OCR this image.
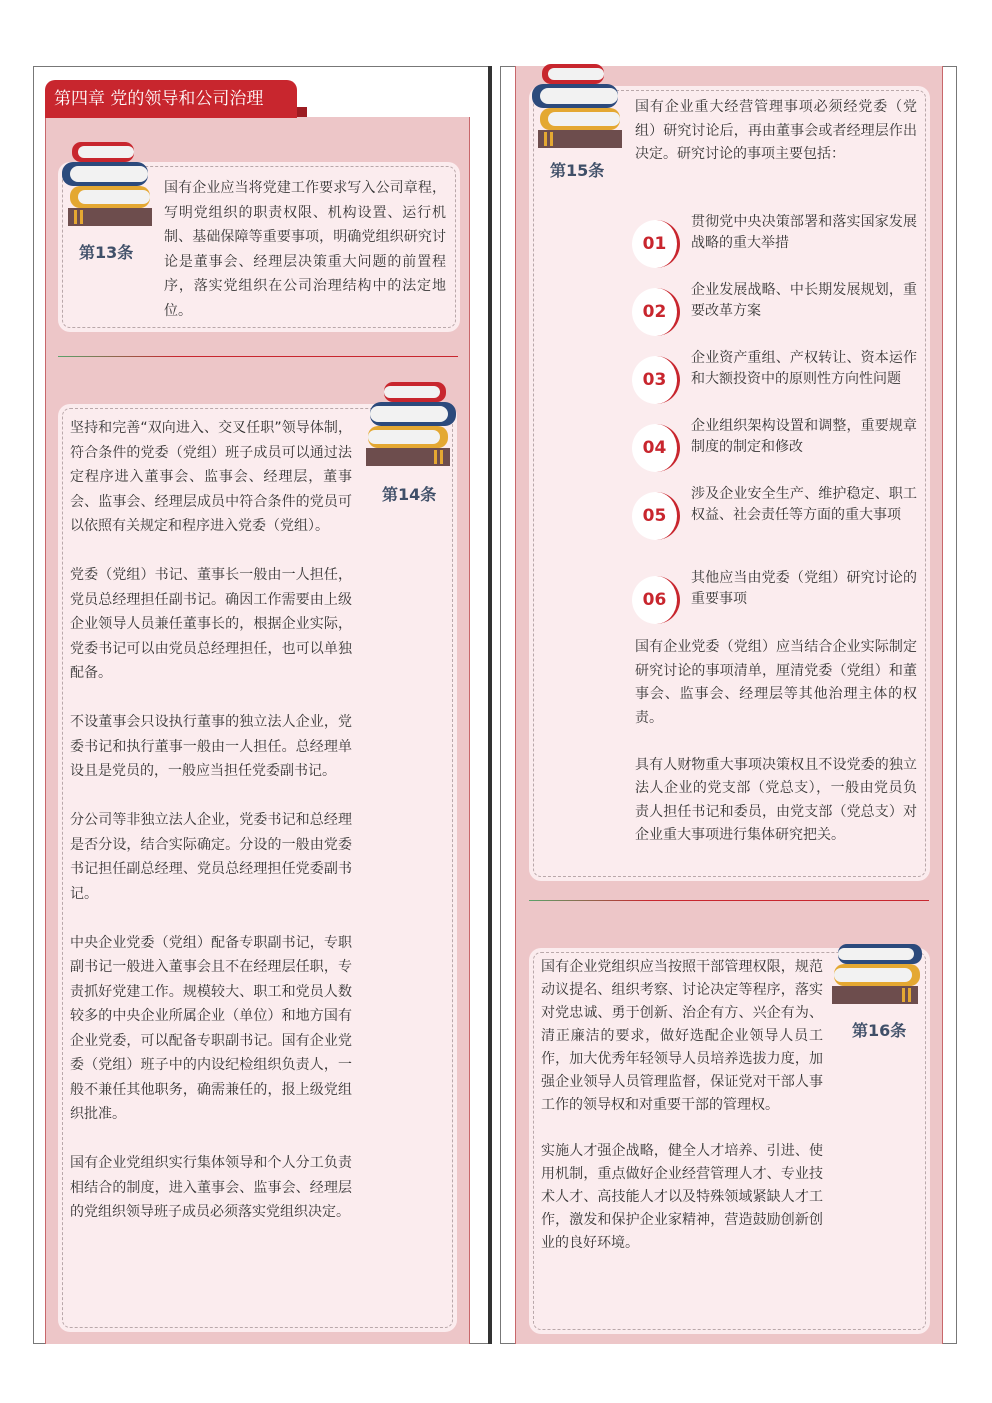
第四章 党的领导和公司治理
第13条
国有企业应当将党建工作要求写入公司章程，写明党组织的职责权限、机构设置、运行机制、基础保障等重要事项，明确党组织研究讨论是董事会、经理层决策重大问题的前置程序，落实党组织在公司治理结构中的法定地位。
第14条
坚持和完善“双向进入、交叉任职”领导体制，符合条件的党委（党组）班子成员可以通过法定程序进入董事会、监事会、经理层，董事会、监事会、经理层成员中符合条件的党员可以依照有关规定和程序进入党委（党组）。
党委（党组）书记、董事长一般由一人担任，党员总经理担任副书记。确因工作需要由上级企业领导人员兼任董事长的，根据企业实际，党委书记可以由党员总经理担任，也可以单独配备。
不设董事会只设执行董事的独立法人企业，党委书记和执行董事一般由一人担任。总经理单设且是党员的，一般应当担任党委副书记。
分公司等非独立法人企业，党委书记和总经理是否分设，结合实际确定。分设的一般由党委书记担任副总经理、党员总经理担任党委副书记。
中央企业党委（党组）配备专职副书记，专职副书记一般进入董事会且不在经理层任职，专责抓好党建工作。规模较大、职工和党员人数较多的中央企业所属企业（单位）和地方国有企业党委，可以配备专职副书记。国有企业党委（党组）班子中的内设纪检组织负责人，一般不兼任其他职务，确需兼任的，报上级党组织批准。
国有企业党组织实行集体领导和个人分工负责相结合的制度，进入董事会、监事会、经理层的党组织领导班子成员必须落实党组织决定。
第15条
国有企业重大经营管理事项必须经党委（党组）研究讨论后，再由董事会或者经理层作出决定。研究讨论的事项主要包括：
01
贯彻党中央决策部署和落实国家发展战略的重大举措
02
企业发展战略、中长期发展规划，重要改革方案
03
企业资产重组、产权转让、资本运作和大额投资中的原则性方向性问题
04
企业组织架构设置和调整，重要规章制度的制定和修改
05
涉及企业安全生产、维护稳定、职工权益、社会责任等方面的重大事项
06
其他应当由党委（党组）研究讨论的重要事项
国有企业党委（党组）应当结合企业实际制定研究讨论的事项清单，厘清党委（党组）和董事会、监事会、经理层等其他治理主体的权责。
具有人财物重大事项决策权且不设党委的独立法人企业的党支部（党总支），一般由党员负责人担任书记和委员，由党支部（党总支）对企业重大事项进行集体研究把关。
第16条
国有企业党组织应当按照干部管理权限，规范动议提名、组织考察、讨论决定等程序，落实对党忠诚、勇于创新、治企有方、兴企有为、清正廉洁的要求，做好选配企业领导人员工作，加大优秀年轻领导人员培养选拔力度，加强企业领导人员管理监督，保证党对干部人事工作的领导权和对重要干部的管理权。
实施人才强企战略，健全人才培养、引进、使用机制，重点做好企业经营管理人才、专业技术人才、高技能人才以及特殊领域紧缺人才工作，激发和保护企业家精神，营造鼓励创新创业的良好环境。
